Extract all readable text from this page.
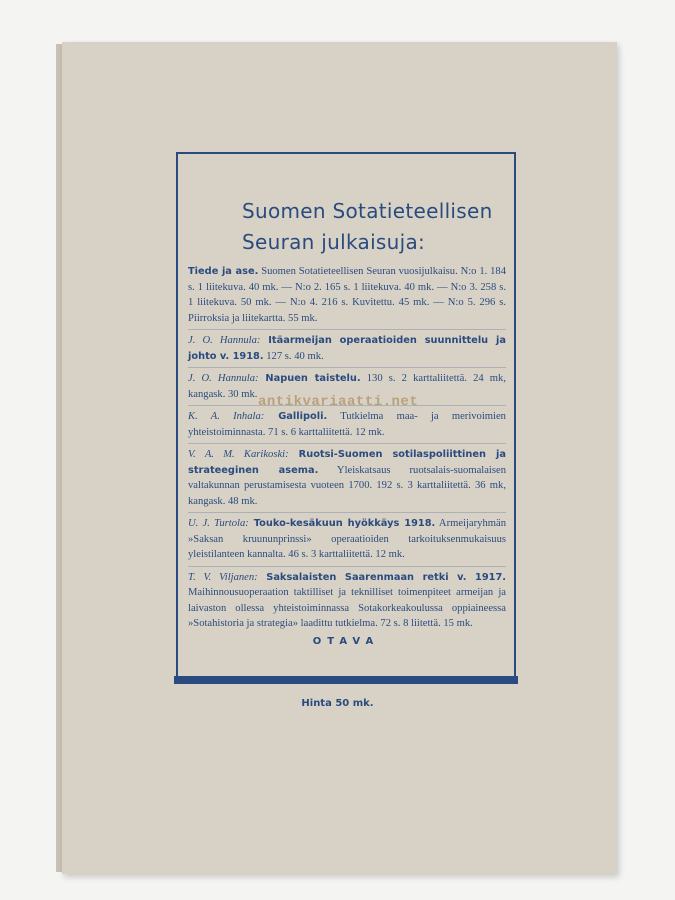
Suomen Sotatieteellisen
Seuran julkaisuja:
Tiede ja ase. Suomen Sotatieteellisen Seuran vuosijulkaisu. N:o 1. 184 s. 1 liitekuva. 40 mk. — N:o 2. 165 s. 1 liitekuva. 40 mk. — N:o 3. 258 s. 1 liitekuva. 50 mk. — N:o 4. 216 s. Kuvitettu. 45 mk. — N:o 5. 296 s. Piirroksia ja liitekartta. 55 mk.
J. O. Hannula: Itäarmeijan operaatioiden suunnittelu ja johto v. 1918. 127 s. 40 mk.
J. O. Hannula: Napuen taistelu. 130 s. 2 karttaliitettä. 24 mk, kangask. 30 mk.
K. A. Inhala: Gallipoli. Tutkielma maa- ja merivoimien yhteistoiminnasta. 71 s. 6 karttaliitettä. 12 mk.
V. A. M. Karikoski: Ruotsi-Suomen sotilaspoliittinen ja strateeginen asema. Yleiskatsaus ruotsalais-suomalaisen valtakunnan perustamisesta vuoteen 1700. 192 s. 3 karttaliitettä. 36 mk, kangask. 48 mk.
U. J. Turtola: Touko-kesäkuun hyökkäys 1918. Armeijaryhmän »Saksan kruununprinssi» operaatioiden tarkoituksenmukaisuus yleistilanteen kannalta. 46 s. 3 karttaliitettä. 12 mk.
T. V. Viljanen: Saksalaisten Saarenmaan retki v. 1917. Maihinnousuoperaation taktilliset ja teknilliset toimenpiteet armeijan ja laivaston ollessa yhteistoiminnassa Sotakorkeakoulussa oppiaineessa »Sotahistoria ja strategia» laadittu tutkielma. 72 s. 8 liitettä. 15 mk.
OTAVA
Hinta 50 mk.
antikvariaatti.net
